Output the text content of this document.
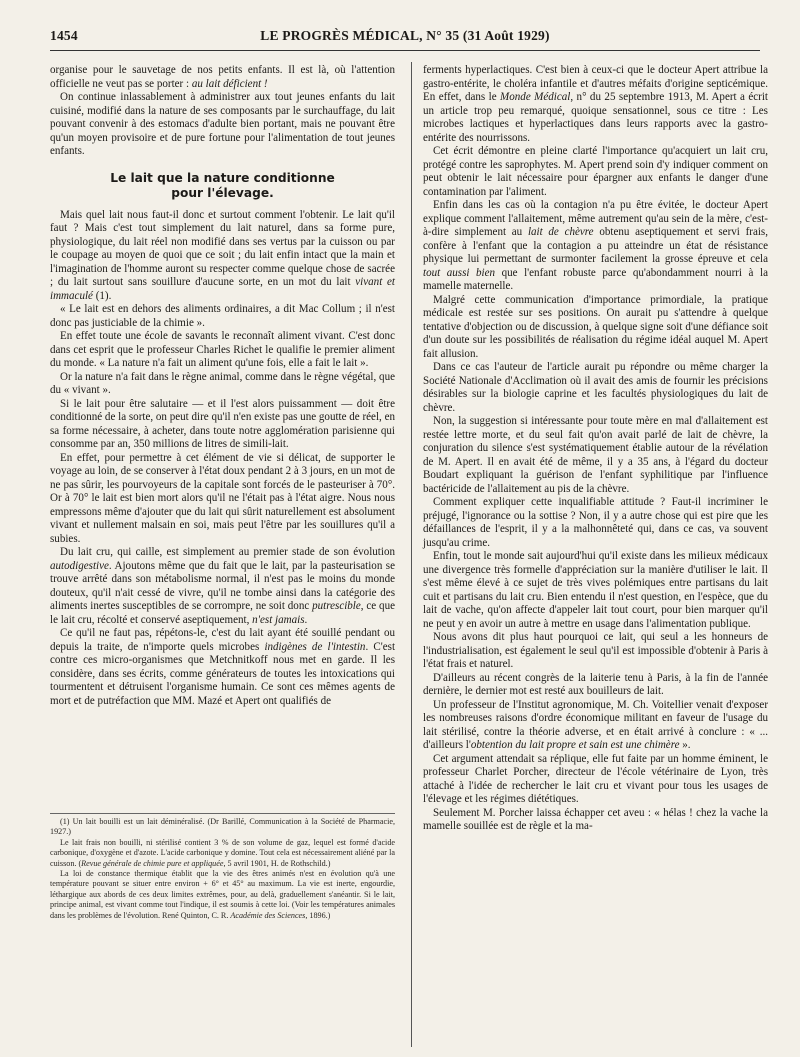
1454	LE PROGRÈS MÉDICAL, N° 35 (31 Août 1929)

organise pour le sauvetage de nos petits enfants. Il est là, où l'attention officielle ne veut pas se porter : au lait déficient !

On continue inlassablement à administrer aux tout jeunes enfants du lait cuisiné, modifié dans la nature de ses composants par le surchauffage, du lait pouvant convenir à des estomacs d'adulte bien portant, mais ne pouvant être qu'un moyen provisoire et de pure fortune pour l'alimentation de tout jeunes enfants.

Le lait que la nature conditionne
pour l'élevage.

Mais quel lait nous faut-il donc et surtout comment l'obtenir. Le lait qu'il faut ? Mais c'est tout simplement du lait naturel, dans sa forme pure, physiologique, du lait réel non modifié dans ses vertus par la cuisson ou par le coupage au moyen de quoi que ce soit ; du lait enfin intact que la main et l'imagination de l'homme auront su respecter comme quelque chose de sacrée ; du lait surtout sans souillure d'aucune sorte, en un mot du lait vivant et immaculé (1).

« Le lait est en dehors des aliments ordinaires, a dit Mac Collum ; il n'est donc pas justiciable de la chimie ».

En effet toute une école de savants le reconnaît aliment vivant. C'est donc dans cet esprit que le professeur Charles Richet le qualifie le premier aliment du monde. « La nature n'a fait un aliment qu'une fois, elle a fait le lait ».

Or la nature n'a fait dans le règne animal, comme dans le règne végétal, que du « vivant ».

Si le lait pour être salutaire — et il l'est alors puissamment — doit être conditionné de la sorte, on peut dire qu'il n'en existe pas une goutte de réel, en sa forme nécessaire, à acheter, dans toute notre agglomération parisienne qui consomme par an, 350 millions de litres de simili-lait.

En effet, pour permettre à cet élément de vie si délicat, de supporter le voyage au loin, de se conserver à l'état doux pendant 2 à 3 jours, en un mot de ne pas sûrir, les pourvoyeurs de la capitale sont forcés de le pasteuriser à 70°. Or à 70° le lait est bien mort alors qu'il ne l'était pas à l'état aigre. Nous nous empressons même d'ajouter que du lait qui sûrit naturellement est absolument vivant et nullement malsain en soi, mais peut l'être par les souillures qu'il a subies.

Du lait cru, qui caille, est simplement au premier stade de son évolution autodigestive. Ajoutons même que du fait que le lait, par la pasteurisation se trouve arrêté dans son métabolisme normal, il n'est pas le moins du monde douteux, qu'il n'ait cessé de vivre, qu'il ne tombe ainsi dans la catégorie des aliments inertes susceptibles de se corrompre, ne soit donc putrescible, ce que le lait cru, récolté et conservé aseptiquement, n'est jamais.

Ce qu'il ne faut pas, répétons-le, c'est du lait ayant été souillé pendant ou depuis la traite, de n'importe quels microbes indigènes de l'intestin. C'est contre ces micro-organismes que Metchnitkoff nous met en garde. Il les considère, dans ses écrits, comme générateurs de toutes les intoxications qui tourmentent et détruisent l'organisme humain. Ce sont ces mêmes agents de mort et de putréfaction que MM. Mazé et Apert ont qualifiés de

(1) Un lait bouilli est un lait déminéralisé. (Dr Barillé, Communication à la Société de Pharmacie, 1927.)

Le lait frais non bouilli, ni stérilisé contient 3 % de son volume de gaz, lequel est formé d'acide carbonique, d'oxygène et d'azote. L'acide carbonique y domine. Tout cela est nécessairement aliéné par la cuisson. (Revue générale de chimie pure et appliquée, 5 avril 1901, H. de Rothschild.)

La loi de constance thermique établit que la vie des êtres animés n'est en évolution qu'à une température pouvant se situer entre environ + 6° et 45° au maximum. La vie est inerte, engourdie, léthargique aux abords de ces deux limites extrêmes, pour, au delà, graduellement s'anéantir. Si le lait, principe animal, est vivant comme tout l'indique, il est soumis à cette loi. (Voir les températures animales dans les problèmes de l'évolution. René Quinton, C. R. Académie des Sciences, 1896.)

ferments hyperlactiques. C'est bien à ceux-ci que le docteur Apert attribue la gastro-entérite, le choléra infantile et d'autres méfaits d'origine septicémique. En effet, dans le Monde Médical, n° du 25 septembre 1913, M. Apert a écrit un article trop peu remarqué, quoique sensationnel, sous ce titre : Les microbes lactiques et hyperlactiques dans leurs rapports avec la gastro-entérite des nourrissons.

Cet écrit démontre en pleine clarté l'importance qu'acquiert un lait cru, protégé contre les saprophytes. M. Apert prend soin d'y indiquer comment on peut obtenir le lait nécessaire pour épargner aux enfants le danger d'une contamination par l'aliment.

Enfin dans les cas où la contagion n'a pu être évitée, le docteur Apert explique comment l'allaitement, même autrement qu'au sein de la mère, c'est-à-dire simplement au lait de chèvre obtenu aseptiquement et servi frais, confère à l'enfant que la contagion a pu atteindre un état de résistance physique lui permettant de surmonter facilement la grosse épreuve et cela tout aussi bien que l'enfant robuste parce qu'abondamment nourri à la mamelle maternelle.

Malgré cette communication d'importance primordiale, la pratique médicale est restée sur ses positions. On aurait pu s'attendre à quelque tentative d'objection ou de discussion, à quelque signe soit d'une défiance soit d'un doute sur les possibilités de réalisation du régime idéal auquel M. Apert fait allusion.

Dans ce cas l'auteur de l'article aurait pu répondre ou même charger la Société Nationale d'Acclimation où il avait des amis de fournir les précisions désirables sur la biologie caprine et les facultés physiologiques du lait de chèvre.

Non, la suggestion si intéressante pour toute mère en mal d'allaitement est restée lettre morte, et du seul fait qu'on avait parlé de lait de chèvre, la conjuration du silence s'est systématiquement établie autour de la révélation de M. Apert. Il en avait été de même, il y a 35 ans, à l'égard du docteur Boudart expliquant la guérison de l'enfant syphilitique par l'influence bactéricide de l'allaitement au pis de la chèvre.

Comment expliquer cette inqualifiable attitude ? Faut-il incriminer le préjugé, l'ignorance ou la sottise ? Non, il y a autre chose qui est pire que les défaillances de l'esprit, il y a la malhonnêteté qui, dans ce cas, va souvent jusqu'au crime.

Enfin, tout le monde sait aujourd'hui qu'il existe dans les milieux médicaux une divergence très formelle d'appréciation sur la manière d'utiliser le lait. Il s'est même élevé à ce sujet de très vives polémiques entre partisans du lait cuit et partisans du lait cru. Bien entendu il n'est question, en l'espèce, que du lait de vache, qu'on affecte d'appeler lait tout court, pour bien marquer qu'il ne peut y en avoir un autre à mettre en usage dans l'alimentation publique.

Nous avons dit plus haut pourquoi ce lait, qui seul a les honneurs de l'industrialisation, est également le seul qu'il est impossible d'obtenir à Paris à l'état frais et naturel.

D'ailleurs au récent congrès de la laiterie tenu à Paris, à la fin de l'année dernière, le dernier mot est resté aux bouilleurs de lait.

Un professeur de l'Institut agronomique, M. Ch. Voitellier venait d'exposer les nombreuses raisons d'ordre économique militant en faveur de l'usage du lait stérilisé, contre la théorie adverse, et en était arrivé à conclure : « ... d'ailleurs l'obtention du lait propre et sain est une chimère ».

Cet argument attendait sa réplique, elle fut faite par un homme éminent, le professeur Charlet Porcher, directeur de l'école vétérinaire de Lyon, très attaché à l'idée de rechercher le lait cru et vivant pour tous les usages de l'élevage et les régimes diététiques.

Seulement M. Porcher laissa échapper cet aveu : « hélas ! chez la vache la mamelle souillée est de règle et la ma-
